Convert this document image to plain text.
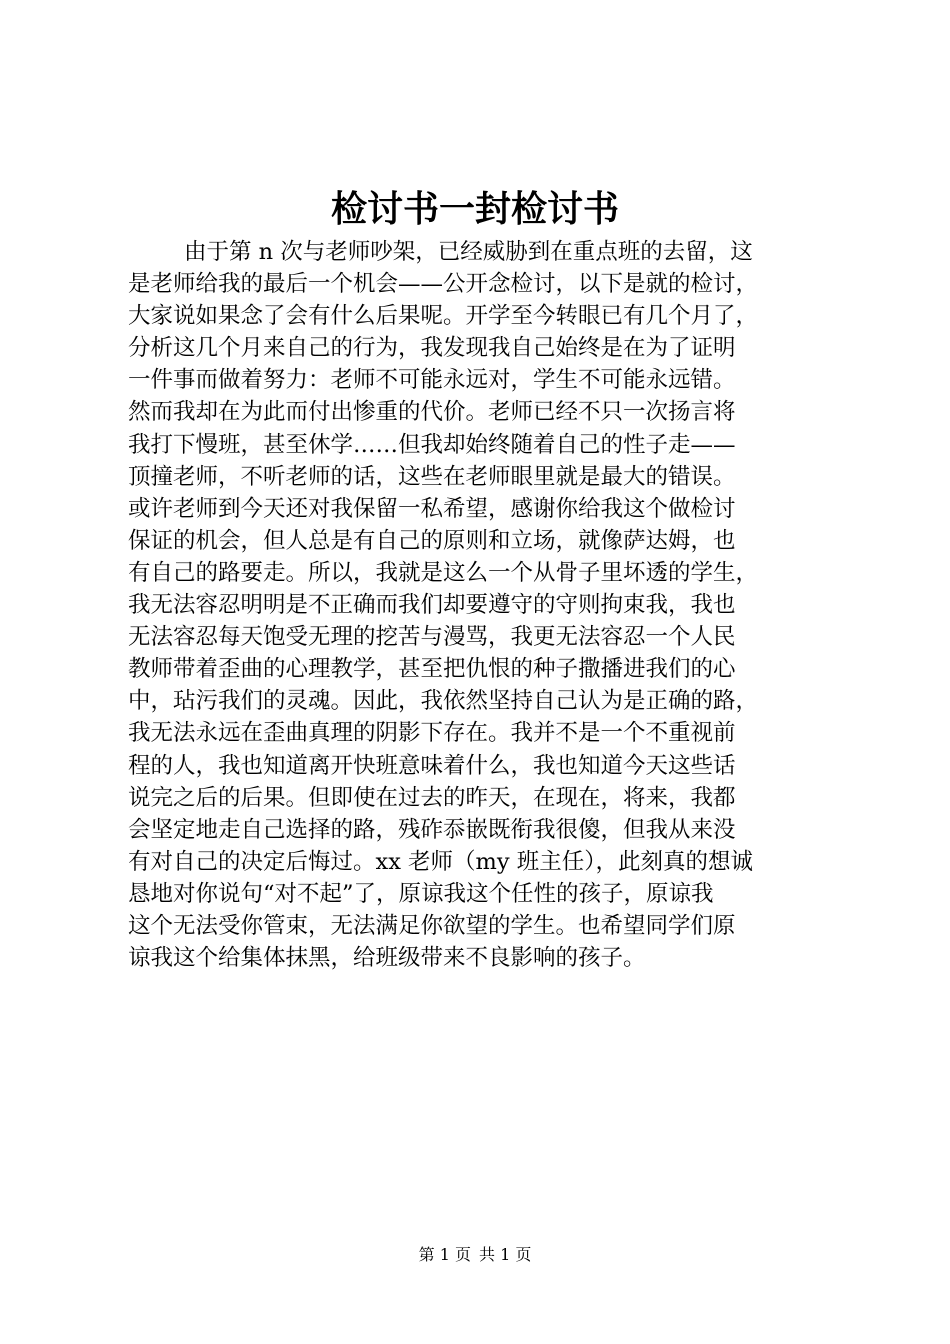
检讨书一封检讨书
由于第 n 次与老师吵架，已经威胁到在重点班的去留，这
是老师给我的最后一个机会——公开念检讨，以下是就的检讨，
大家说如果念了会有什么后果呢。开学至今转眼已有几个月了，
分析这几个月来自己的行为，我发现我自己始终是在为了证明
一件事而做着努力：老师不可能永远对，学生不可能永远错。
然而我却在为此而付出惨重的代价。老师已经不只一次扬言将
我打下慢班，甚至休学……但我却始终随着自己的性子走——
顶撞老师，不听老师的话，这些在老师眼里就是最大的错误。
或许老师到今天还对我保留一私希望，感谢你给我这个做检讨
保证的机会，但人总是有自己的原则和立场，就像萨达姆，也
有自己的路要走。所以，我就是这么一个从骨子里坏透的学生，
我无法容忍明明是不正确而我们却要遵守的守则拘束我，我也
无法容忍每天饱受无理的挖苦与漫骂，我更无法容忍一个人民
教师带着歪曲的心理教学，甚至把仇恨的种子撒播进我们的心
中，玷污我们的灵魂。因此，我依然坚持自己认为是正确的路，
我无法永远在歪曲真理的阴影下存在。我并不是一个不重视前
程的人，我也知道离开快班意味着什么，我也知道今天这些话
说完之后的后果。但即使在过去的昨天，在现在，将来，我都
会坚定地走自己选择的路，残砟忝嵌既衔我很傻，但我从来没
有对自己的决定后悔过。xx 老师（my 班主任），此刻真的想诚
恳地对你说句“对不起”了，原谅我这个任性的孩子，原谅我
这个无法受你管束，无法满足你欲望的学生。也希望同学们原
谅我这个给集体抹黑，给班级带来不良影响的孩子。
第 1 页 共 1 页
